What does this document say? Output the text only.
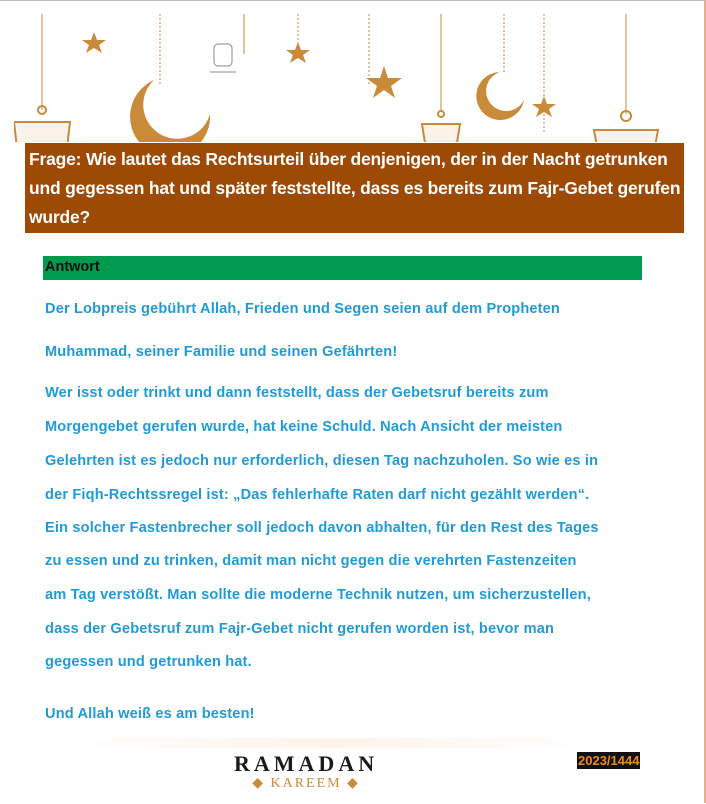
Frage: Wie lautet das Rechtsurteil über denjenigen, der in der Nacht getrunken und gegessen hat und später feststellte, dass es bereits zum Fajr-Gebet gerufen wurde?
Antwort
Der Lobpreis gebührt Allah, Frieden und Segen seien auf dem Propheten
Muhammad, seiner Familie und seinen Gefährten!
Wer isst oder trinkt und dann feststellt, dass der Gebetsruf bereits zum
Morgengebet gerufen wurde, hat keine Schuld. Nach Ansicht der meisten
Gelehrten ist es jedoch nur erforderlich, diesen Tag nachzuholen. So wie es in
der Fiqh-Rechtssregel ist: „Das fehlerhafte Raten darf nicht gezählt werden“.
Ein solcher Fastenbrecher soll jedoch davon abhalten, für den Rest des Tages
zu essen und zu trinken, damit man nicht gegen die verehrten Fastenzeiten
am Tag verstößt. Man sollte die moderne Technik nutzen, um sicherzustellen,
dass der Gebetsruf zum Fajr-Gebet nicht gerufen worden ist, bevor man
gegessen und getrunken hat.
Und Allah weiß es am besten!
RAMADAN
◆ KAREEM ◆
2023/1444
